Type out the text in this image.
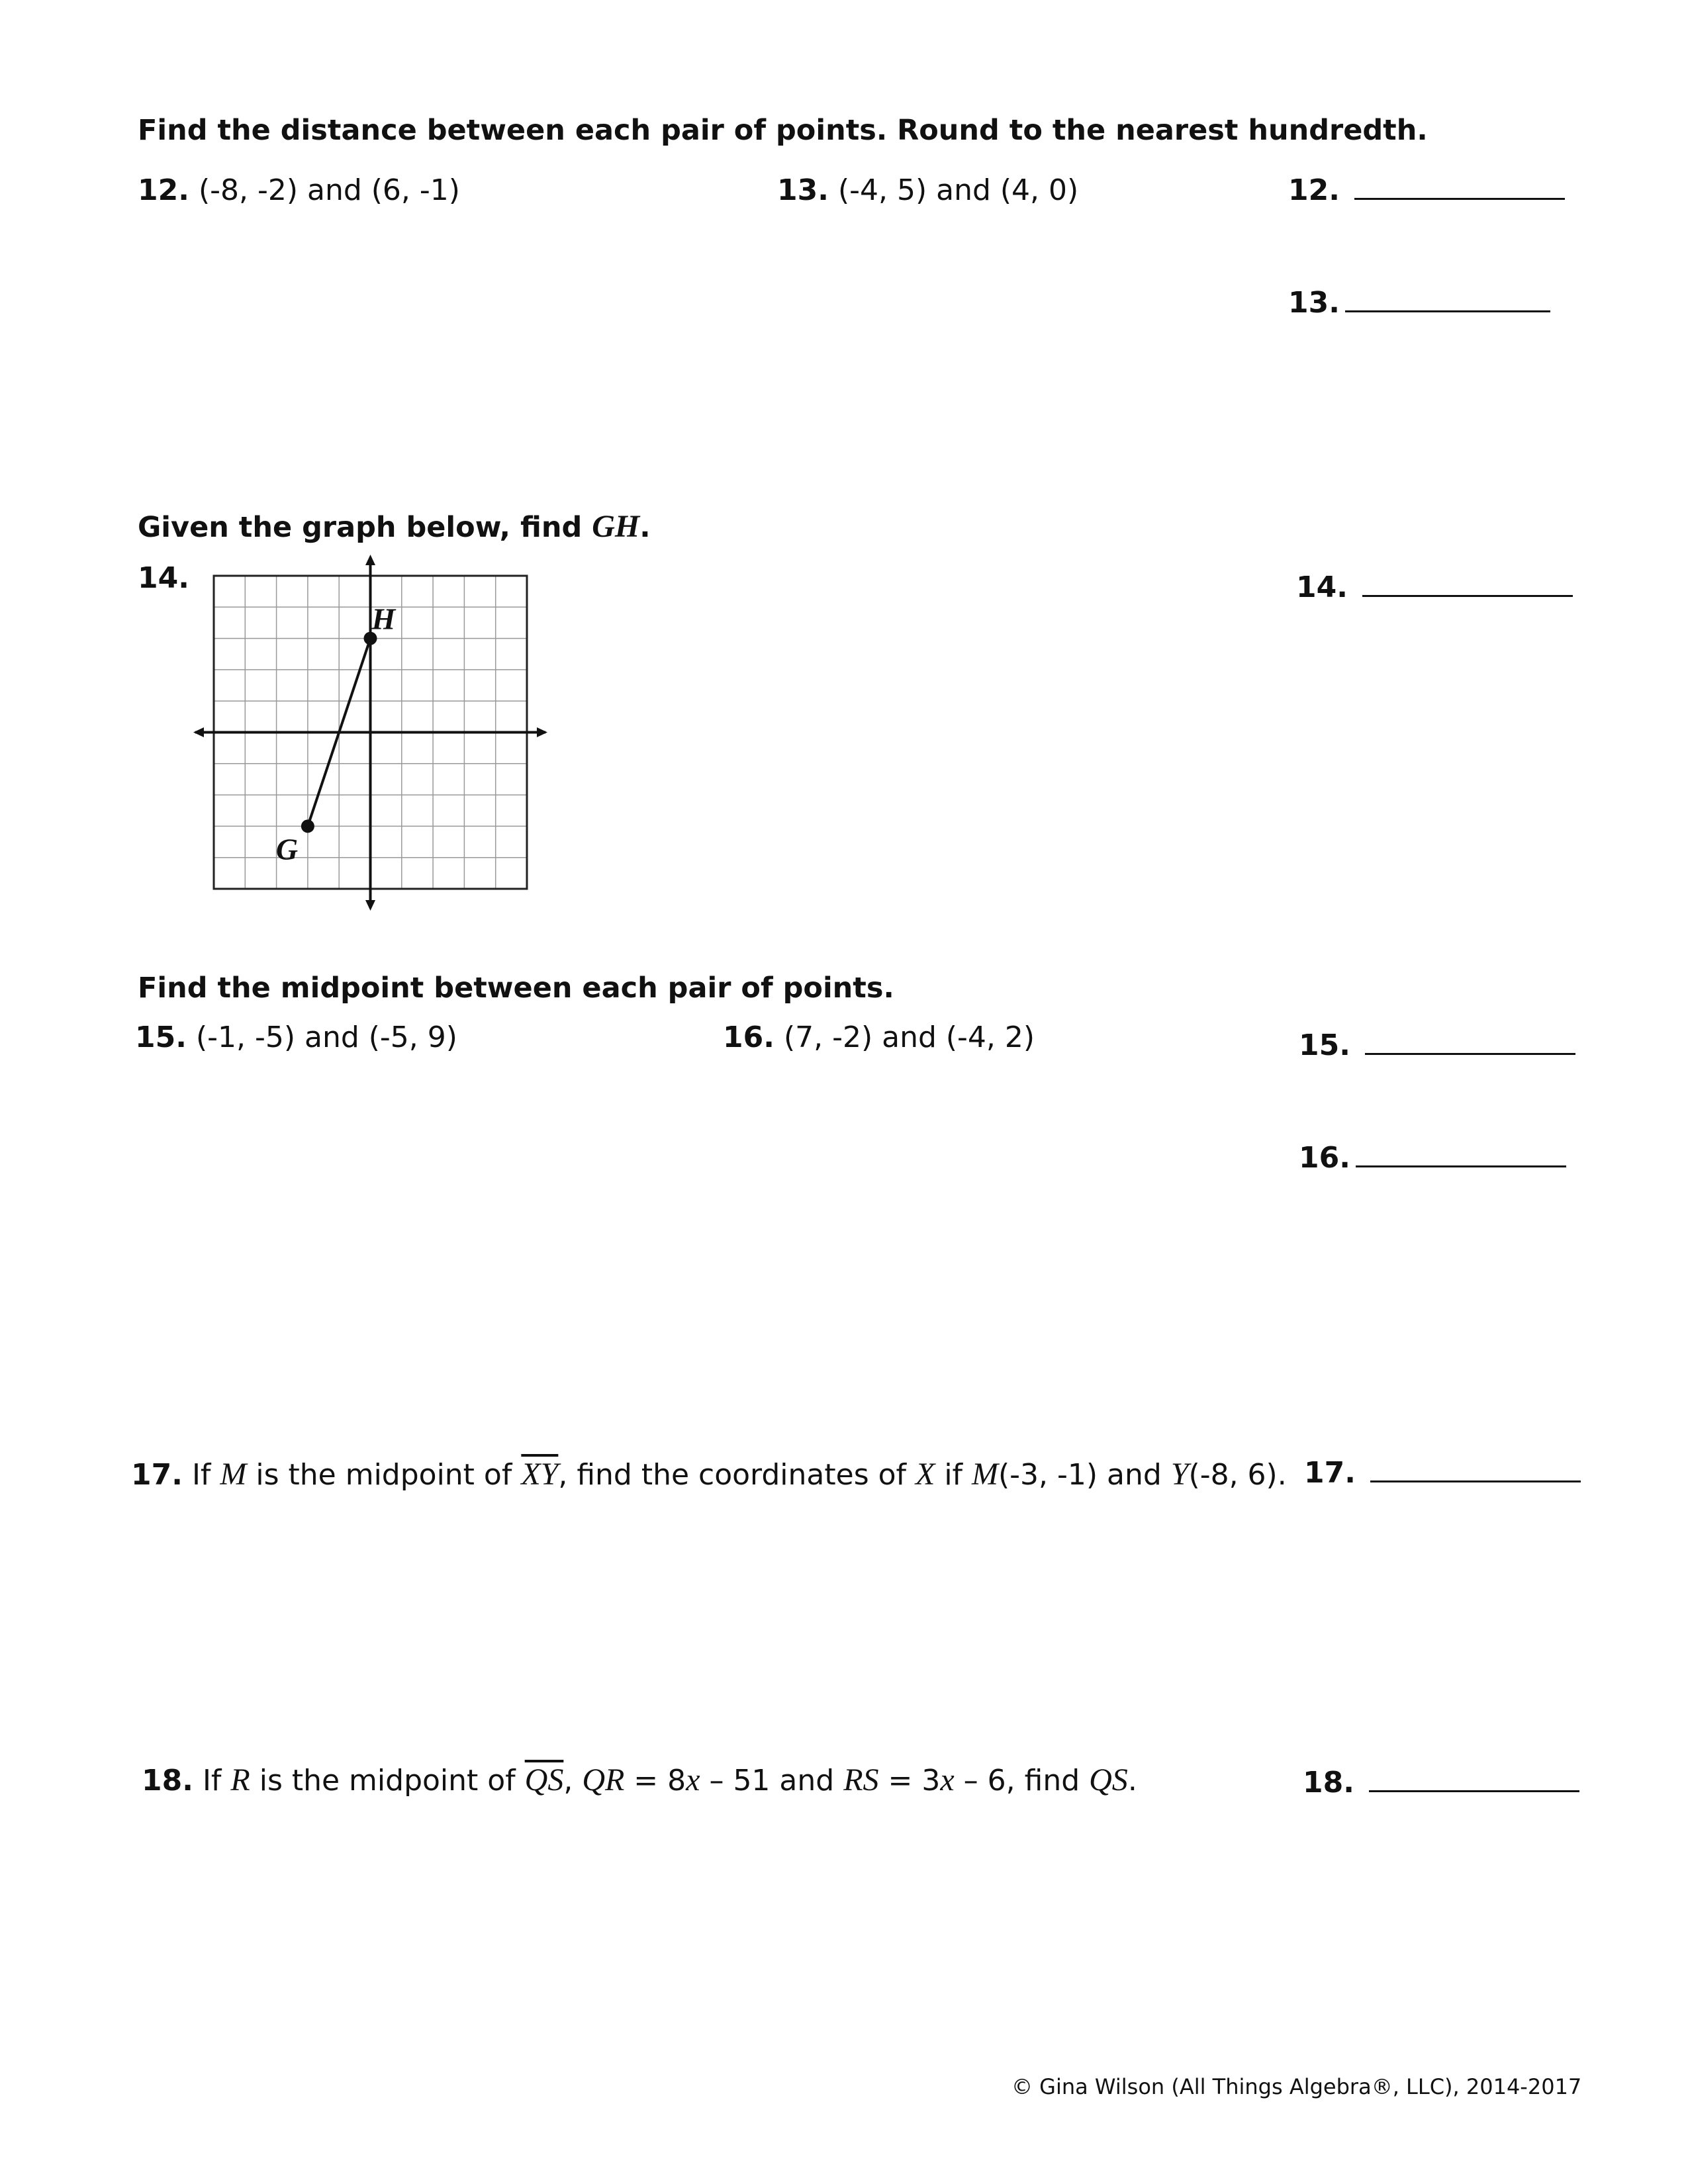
Find the distance between each pair of points. Round to the nearest hundredth.
12. (-8, -2) and (6, -1)	13. (-4, 5) and (4, 0)	12.
13.
Given the graph below, find GH.
14.
H
G
14.
Find the midpoint between each pair of points.
15. (-1, -5) and (-5, 9)	16. (7, -2) and (-4, 2)	15.
16.
17. If M is the midpoint of $\overline{XY}$, find the coordinates of X if M(-3, -1) and Y(-8, 6). 17.
18. If R is the midpoint of $\overline{QS}$, QR = 8x – 51 and RS = 3x – 6, find QS.	18.
© Gina Wilson (All Things Algebra®, LLC), 2014-2017
